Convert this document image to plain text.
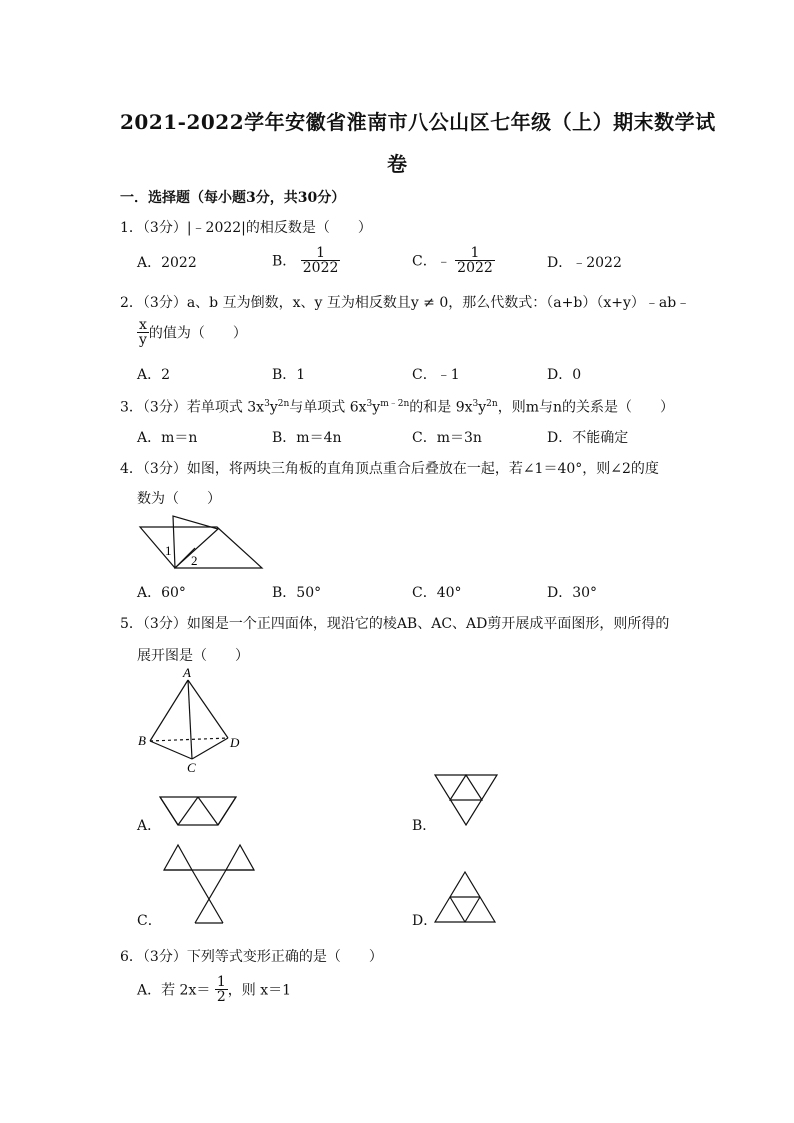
2021-2022学年安徽省淮南市八公山区七年级（上）期末数学试
卷
一．选择题（每小题3分，共30分）
1．（3分）|﹣2022|的相反数是（　　）
A．2022	B． $\frac{1}{2022}$	C．﹣ $\frac{1}{2022}$	D．﹣2022
2．（3分）a、b 互为倒数，x、y 互为相反数且y ≠ 0，那么代数式：（a+b）（x+y）﹣ab﹣
$\frac{x}{y}$ 的值为（　　）
A．2	B．1	C．﹣1	D．0
3．（3分）若单项式 $3x^3y^{2n}$与单项式 $6x^3y^{m﹣2n}$的和是 $9x^3y^{2n}$，则m与n的关系是（　　）
A．m＝n	B．m＝4n	C．m＝3n	D．不能确定
4．（3分）如图，将两块三角板的直角顶点重合后叠放在一起，若∠1＝40°，则∠2的度
数为（　　）
1
2
A．60°	B．50°	C．40°	D．30°
5．（3分）如图是一个正四面体，现沿它的棱AB、AC、AD剪开展成平面图形，则所得的
展开图是（　　）
A
B
C
D
A．	B．
C．	D．
6．（3分）下列等式变形正确的是（　　）
A．若 $2x= \frac{1}{2}$ ，则 x＝1
